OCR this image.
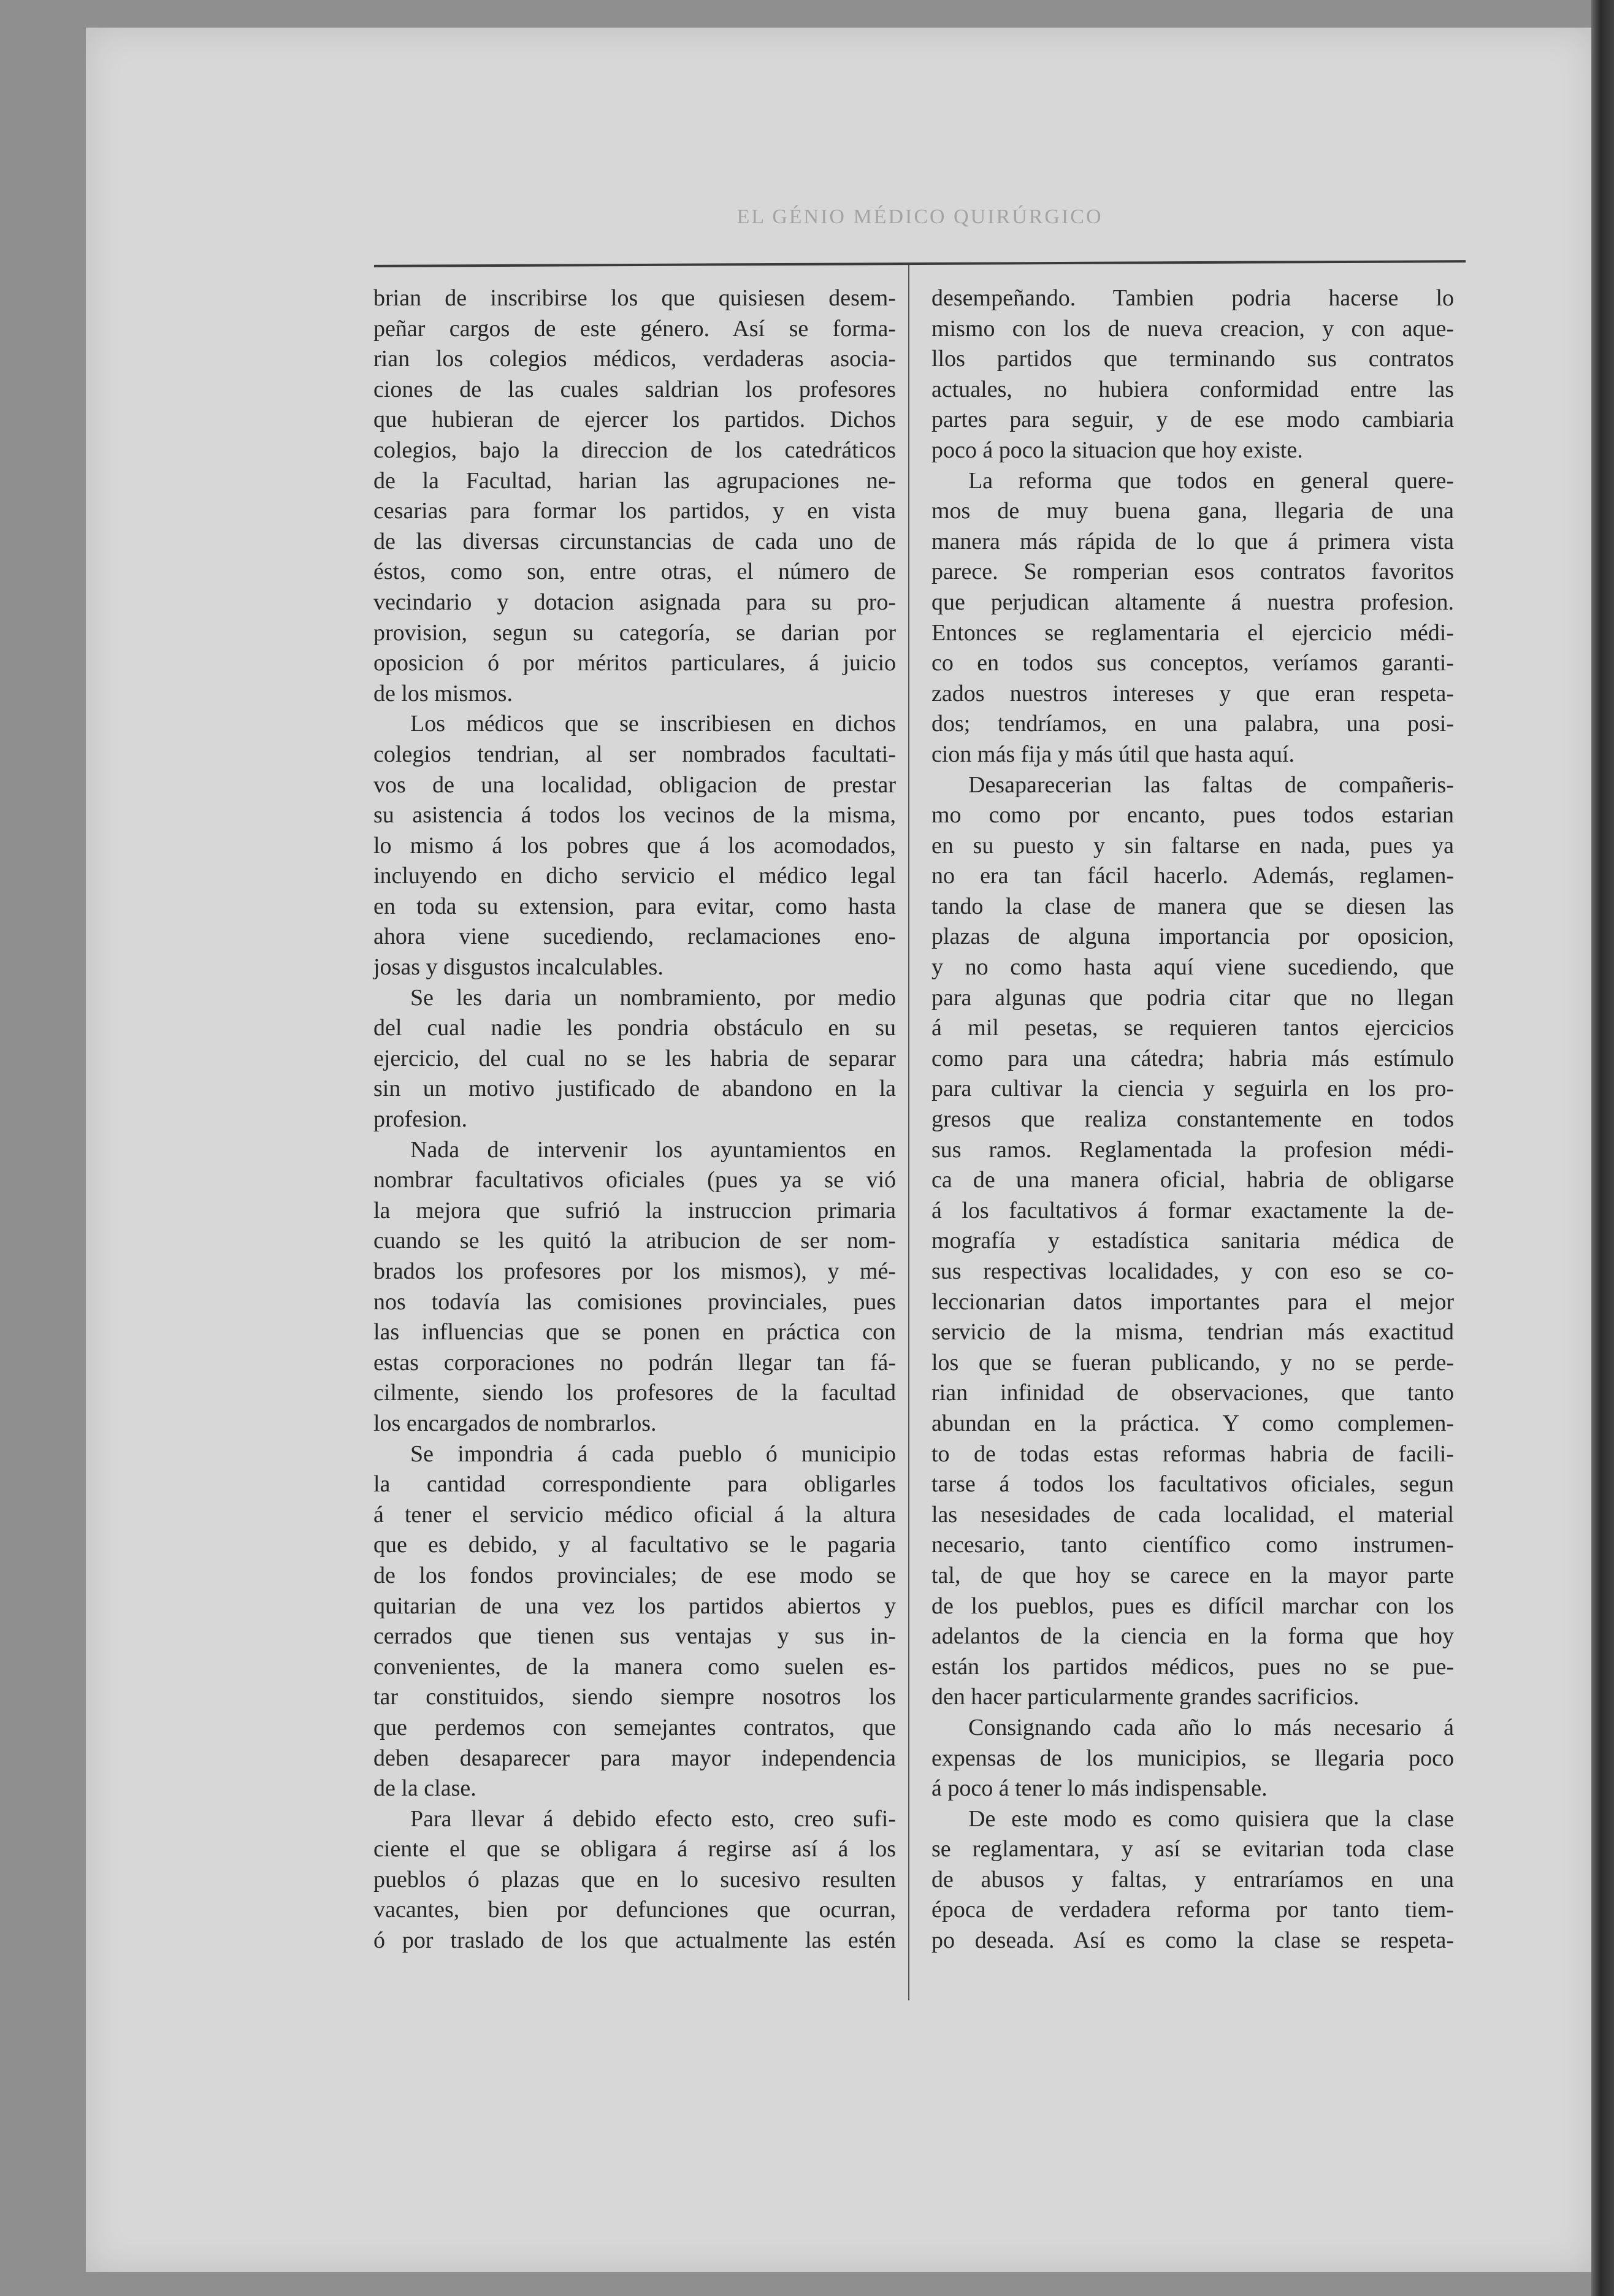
EL GÉNIO MÉDICO QUIRÚRGICO
brian de inscribirse los que quisiesen desem-
peñar cargos de este género. Así se forma-
rian los colegios médicos, verdaderas asocia-
ciones de las cuales saldrian los profesores
que hubieran de ejercer los partidos. Dichos
colegios, bajo la direccion de los catedráticos
de la Facultad, harian las agrupaciones ne-
cesarias para formar los partidos, y en vista
de las diversas circunstancias de cada uno de
éstos, como son, entre otras, el número de
vecindario y dotacion asignada para su pro-
provision, segun su categoría, se darian por
oposicion ó por méritos particulares, á juicio
de los mismos.
Los médicos que se inscribiesen en dichos
colegios tendrian, al ser nombrados facultati-
vos de una localidad, obligacion de prestar
su asistencia á todos los vecinos de la misma,
lo mismo á los pobres que á los acomodados,
incluyendo en dicho servicio el médico legal
en toda su extension, para evitar, como hasta
ahora viene sucediendo, reclamaciones eno-
josas y disgustos incalculables.
Se les daria un nombramiento, por medio
del cual nadie les pondria obstáculo en su
ejercicio, del cual no se les habria de separar
sin un motivo justificado de abandono en la
profesion.
Nada de intervenir los ayuntamientos en
nombrar facultativos oficiales (pues ya se vió
la mejora que sufrió la instruccion primaria
cuando se les quitó la atribucion de ser nom-
brados los profesores por los mismos), y mé-
nos todavía las comisiones provinciales, pues
las influencias que se ponen en práctica con
estas corporaciones no podrán llegar tan fá-
cilmente, siendo los profesores de la facultad
los encargados de nombrarlos.
Se impondria á cada pueblo ó municipio
la cantidad correspondiente para obligarles
á tener el servicio médico oficial á la altura
que es debido, y al facultativo se le pagaria
de los fondos provinciales; de ese modo se
quitarian de una vez los partidos abiertos y
cerrados que tienen sus ventajas y sus in-
convenientes, de la manera como suelen es-
tar constituidos, siendo siempre nosotros los
que perdemos con semejantes contratos, que
deben desaparecer para mayor independencia
de la clase.
Para llevar á debido efecto esto, creo sufi-
ciente el que se obligara á regirse así á los
pueblos ó plazas que en lo sucesivo resulten
vacantes, bien por defunciones que ocurran,
ó por traslado de los que actualmente las estén
desempeñando. Tambien podria hacerse lo
mismo con los de nueva creacion, y con aque-
llos partidos que terminando sus contratos
actuales, no hubiera conformidad entre las
partes para seguir, y de ese modo cambiaria
poco á poco la situacion que hoy existe.
La reforma que todos en general quere-
mos de muy buena gana, llegaria de una
manera más rápida de lo que á primera vista
parece. Se romperian esos contratos favoritos
que perjudican altamente á nuestra profesion.
Entonces se reglamentaria el ejercicio médi-
co en todos sus conceptos, veríamos garanti-
zados nuestros intereses y que eran respeta-
dos; tendríamos, en una palabra, una posi-
cion más fija y más útil que hasta aquí.
Desaparecerian las faltas de compañeris-
mo como por encanto, pues todos estarian
en su puesto y sin faltarse en nada, pues ya
no era tan fácil hacerlo. Además, reglamen-
tando la clase de manera que se diesen las
plazas de alguna importancia por oposicion,
y no como hasta aquí viene sucediendo, que
para algunas que podria citar que no llegan
á mil pesetas, se requieren tantos ejercicios
como para una cátedra; habria más estímulo
para cultivar la ciencia y seguirla en los pro-
gresos que realiza constantemente en todos
sus ramos. Reglamentada la profesion médi-
ca de una manera oficial, habria de obligarse
á los facultativos á formar exactamente la de-
mografía y estadística sanitaria médica de
sus respectivas localidades, y con eso se co-
leccionarian datos importantes para el mejor
servicio de la misma, tendrian más exactitud
los que se fueran publicando, y no se perde-
rian infinidad de observaciones, que tanto
abundan en la práctica. Y como complemen-
to de todas estas reformas habria de facili-
tarse á todos los facultativos oficiales, segun
las nesesidades de cada localidad, el material
necesario, tanto científico como instrumen-
tal, de que hoy se carece en la mayor parte
de los pueblos, pues es difícil marchar con los
adelantos de la ciencia en la forma que hoy
están los partidos médicos, pues no se pue-
den hacer particularmente grandes sacrificios.
Consignando cada año lo más necesario á
expensas de los municipios, se llegaria poco
á poco á tener lo más indispensable.
De este modo es como quisiera que la clase
se reglamentara, y así se evitarian toda clase
de abusos y faltas, y entraríamos en una
época de verdadera reforma por tanto tiem-
po deseada. Así es como la clase se respeta-
